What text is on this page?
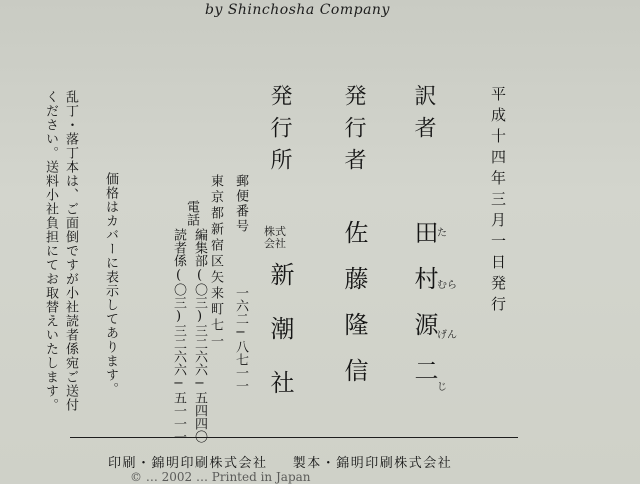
by Shinchosha Company
平成十四年三月一日発行
訳者
田村源二 た
むら
げん
じ
発行者
佐藤隆信
発行所
株式
会社
新潮社
郵便番号
一六二−八七一一
東京都新宿区矢来町七一
電話
編集部
(〇三)三二六六−五四四〇
読者係
(〇三)三二六六−五一一一
価格はカバーに表示してあります。
乱丁・落丁本は、ご面倒ですが小社読者係宛ご送付
ください。送料小社負担にてお取替えいたします。
印刷・錦明印刷株式会社 製本・錦明印刷株式会社
© … 2002 … Printed in Japan
